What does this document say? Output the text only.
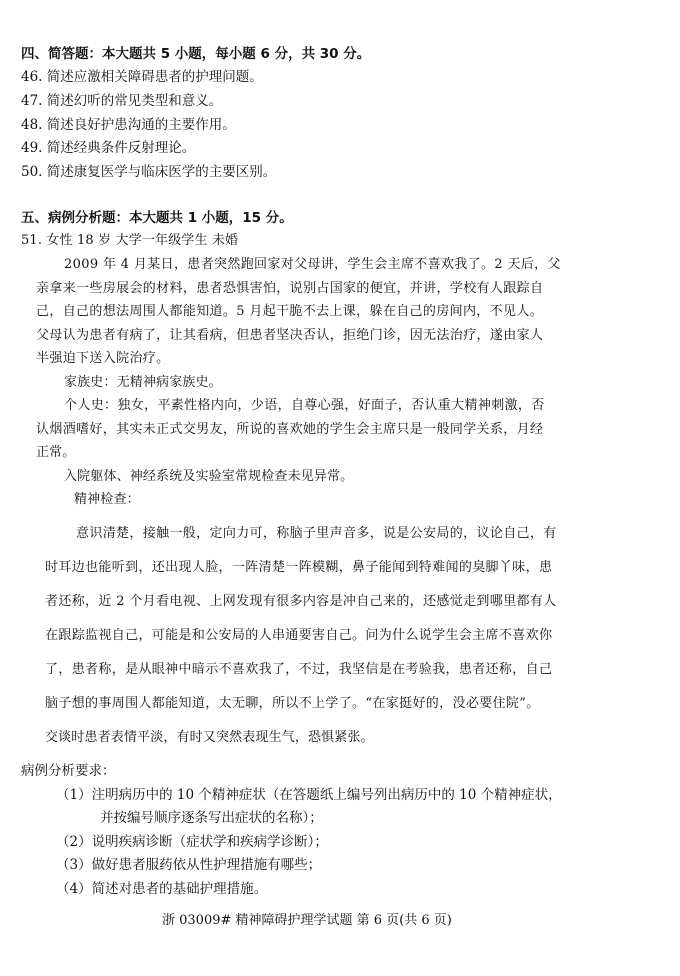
四、简答题：本大题共 5 小题，每小题 6 分，共 30 分。
46. 简述应激相关障碍患者的护理问题。
47. 简述幻听的常见类型和意义。
48. 简述良好护患沟通的主要作用。
49. 简述经典条件反射理论。
50. 简述康复医学与临床医学的主要区别。
五、病例分析题：本大题共 1 小题，15 分。
51. 女性 18 岁 大学一年级学生 未婚
2009 年 4 月某日，患者突然跑回家对父母讲，学生会主席不喜欢我了。2 天后，父
亲拿来一些房展会的材料，患者恐惧害怕，说别占国家的便宜，并讲，学校有人跟踪自
己，自己的想法周围人都能知道。5 月起干脆不去上课，躲在自己的房间内，不见人。
父母认为患者有病了，让其看病，但患者坚决否认，拒绝门诊，因无法治疗，遂由家人
半强迫下送入院治疗。
家族史：无精神病家族史。
个人史：独女，平素性格内向，少语，自尊心强，好面子，否认重大精神刺激，否
认烟酒嗜好，其实未正式交男友，所说的喜欢她的学生会主席只是一般同学关系，月经
正常。
入院躯体、神经系统及实验室常规检查未见异常。
精神检查：
意识清楚，接触一般，定向力可，称脑子里声音多，说是公安局的，议论自己，有
时耳边也能听到，还出现人脸，一阵清楚一阵模糊，鼻子能闻到特难闻的臭脚丫味，患
者还称，近 2 个月看电视、上网发现有很多内容是冲自己来的，还感觉走到哪里都有人
在跟踪监视自己，可能是和公安局的人串通要害自己。问为什么说学生会主席不喜欢你
了，患者称，是从眼神中暗示不喜欢我了，不过，我坚信是在考验我，患者还称，自己
脑子想的事周围人都能知道，太无聊，所以不上学了。“在家挺好的，没必要住院”。
交谈时患者表情平淡，有时又突然表现生气，恐惧紧张。
病例分析要求：
（1）注明病历中的 10 个精神症状（在答题纸上编号列出病历中的 10 个精神症状，
并按编号顺序逐条写出症状的名称）；
（2）说明疾病诊断（症状学和疾病学诊断）；
（3）做好患者服药依从性护理措施有哪些；
（4）简述对患者的基础护理措施。
浙 03009# 精神障碍护理学试题 第 6 页(共 6 页)
